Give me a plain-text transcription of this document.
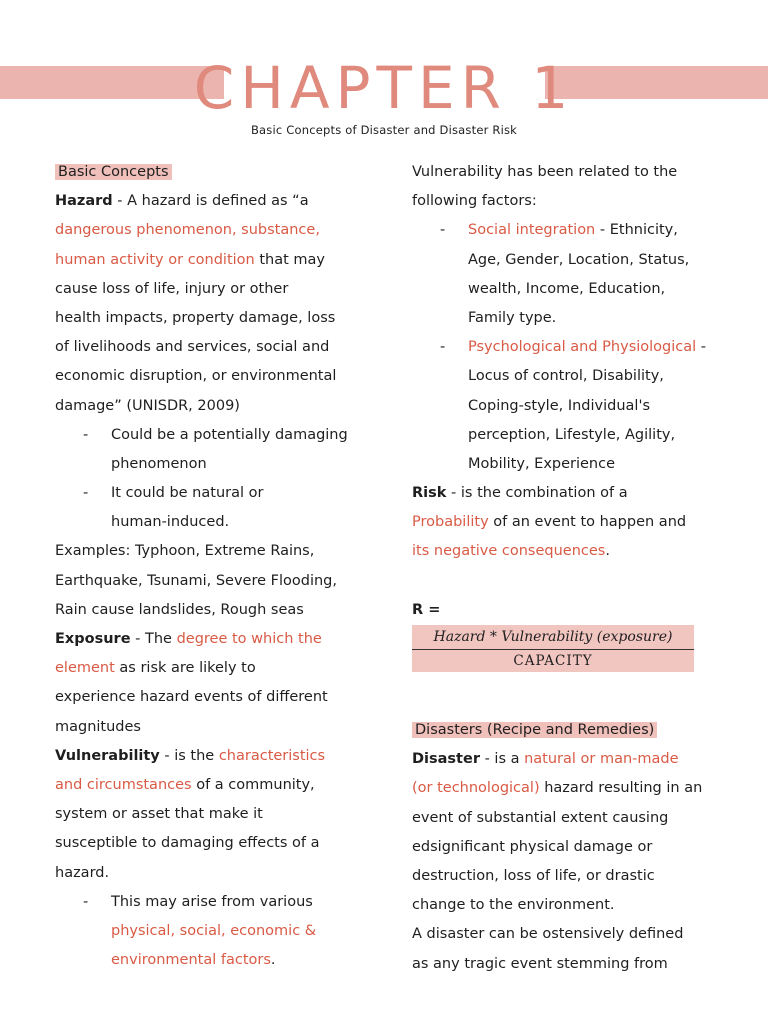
CHAPTER 1
Basic Concepts of Disaster and Disaster Risk
Basic Concepts
Hazard - A hazard is defined as “a
dangerous phenomenon, substance,
human activity or condition that may
cause loss of life, injury or other
health impacts, property damage, loss
of livelihoods and services, social and
economic disruption, or environmental
damage” (UNISDR, 2009)
- Could be a potentially damaging
phenomenon
- It could be natural or
human-induced.
Examples: Typhoon, Extreme Rains,
Earthquake, Tsunami, Severe Flooding,
Rain cause landslides, Rough seas
Exposure - The degree to which the
element as risk are likely to
experience hazard events of different
magnitudes
Vulnerability - is the characteristics
and circumstances of a community,
system or asset that make it
susceptible to damaging effects of a
hazard.
- This may arise from various
physical, social, economic &
environmental factors.
Vulnerability has been related to the
following factors:
- Social integration - Ethnicity,
Age, Gender, Location, Status,
wealth, Income, Education,
Family type.
- Psychological and Physiological -
Locus of control, Disability,
Coping-style, Individual's
perception, Lifestyle, Agility,
Mobility, Experience
Risk - is the combination of a
Probability of an event to happen and
its negative consequences.
R =
Hazard * Vulnerability (exposure)
CAPACITY
Disasters (Recipe and Remedies)
Disaster - is a natural or man-made
(or technological) hazard resulting in an
event of substantial extent causing
edsignificant physical damage or
destruction, loss of life, or drastic
change to the environment.
A disaster can be ostensively defined
as any tragic event stemming from
